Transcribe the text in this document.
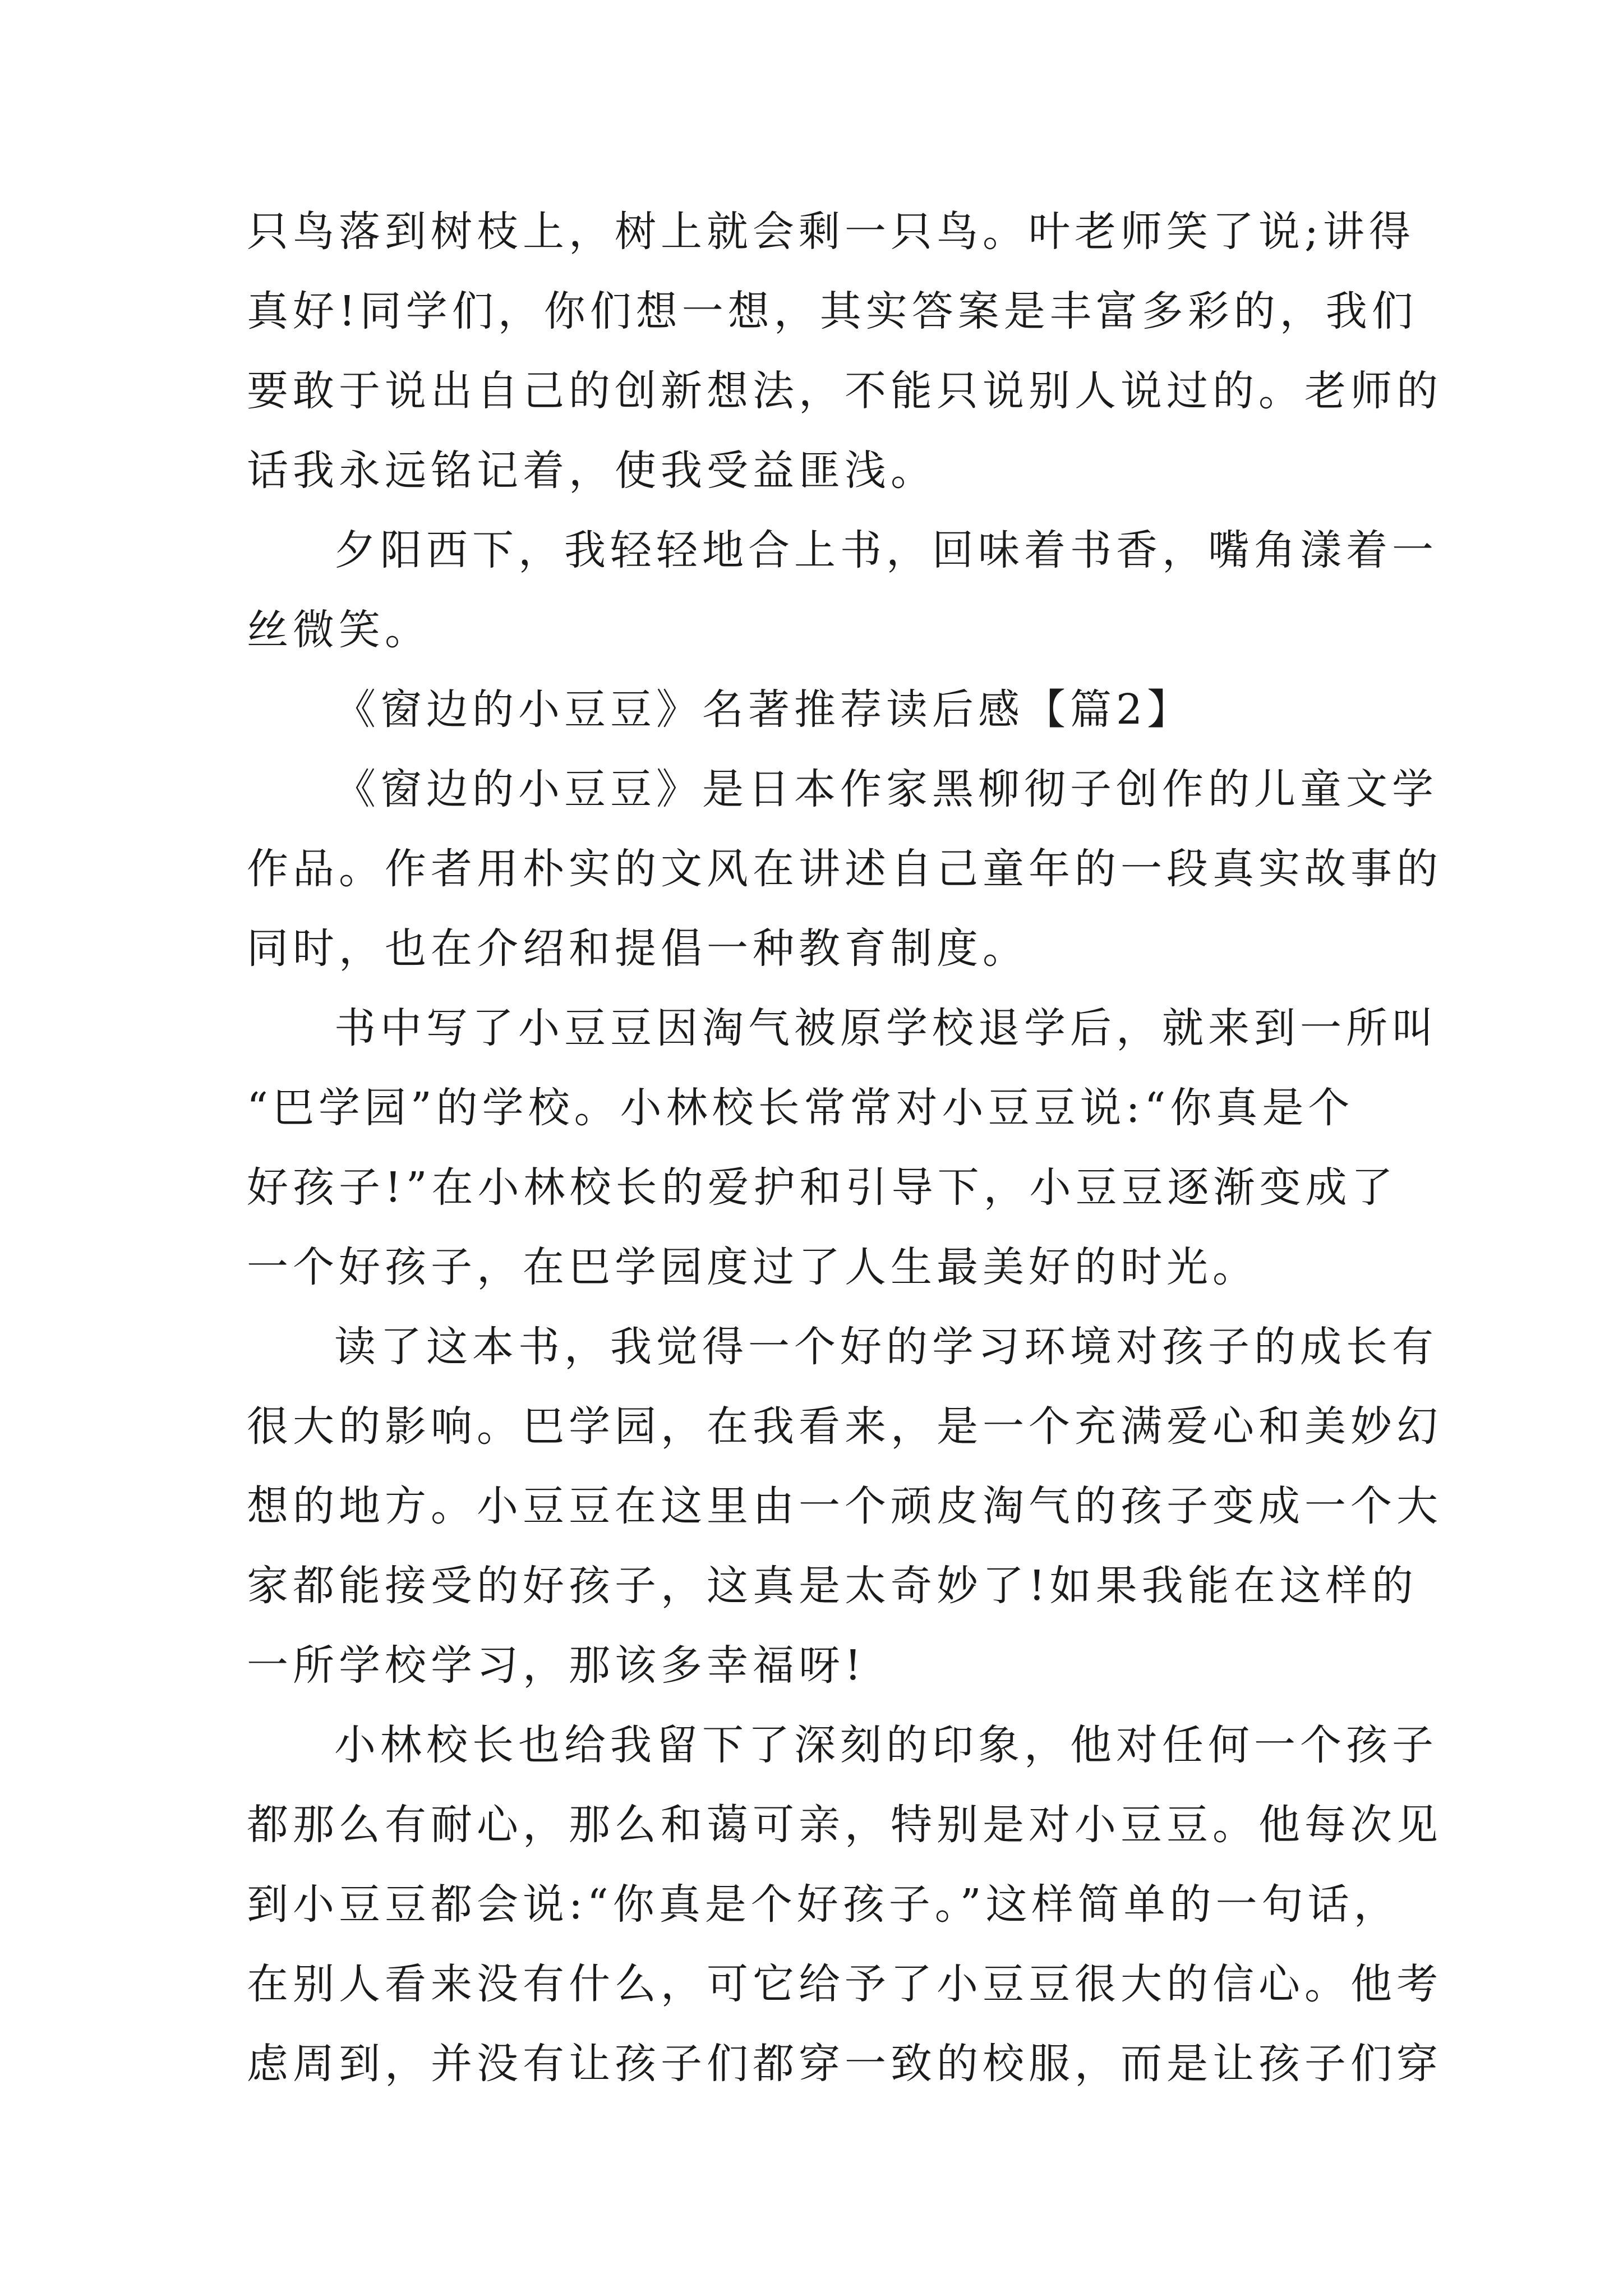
只鸟落到树枝上，树上就会剩一只鸟。叶老师笑了说;讲得
真好!同学们，你们想一想，其实答案是丰富多彩的，我们
要敢于说出自己的创新想法，不能只说别人说过的。老师的
话我永远铭记着，使我受益匪浅。
夕阳西下，我轻轻地合上书，回味着书香，嘴角漾着一
丝微笑。
《窗边的小豆豆》名著推荐读后感【篇2】
《窗边的小豆豆》是日本作家黑柳彻子创作的儿童文学
作品。作者用朴实的文风在讲述自己童年的一段真实故事的
同时，也在介绍和提倡一种教育制度。
书中写了小豆豆因淘气被原学校退学后，就来到一所叫
“巴学园”的学校。小林校长常常对小豆豆说:“你真是个
好孩子!”在小林校长的爱护和引导下，小豆豆逐渐变成了
一个好孩子，在巴学园度过了人生最美好的时光。
读了这本书，我觉得一个好的学习环境对孩子的成长有
很大的影响。巴学园，在我看来，是一个充满爱心和美妙幻
想的地方。小豆豆在这里由一个顽皮淘气的孩子变成一个大
家都能接受的好孩子，这真是太奇妙了!如果我能在这样的
一所学校学习，那该多幸福呀!
小林校长也给我留下了深刻的印象，他对任何一个孩子
都那么有耐心，那么和蔼可亲，特别是对小豆豆。他每次见
到小豆豆都会说:“你真是个好孩子。”这样简单的一句话，
在别人看来没有什么，可它给予了小豆豆很大的信心。他考
虑周到，并没有让孩子们都穿一致的校服，而是让孩子们穿
